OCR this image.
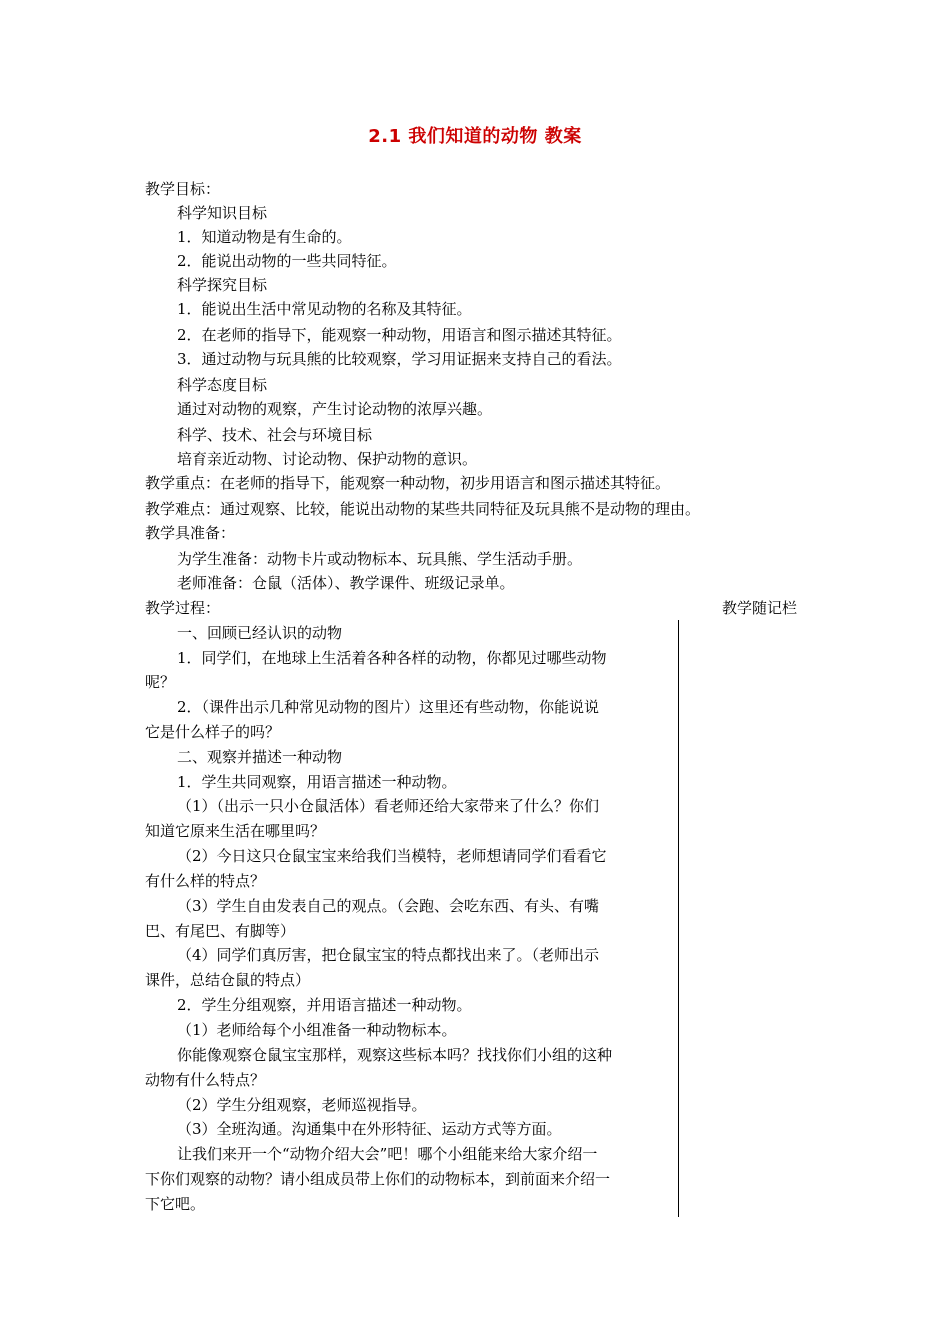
2.1 我们知道的动物 教案
教学目标：
科学知识目标
1．知道动物是有生命的。
2．能说出动物的一些共同特征。
科学探究目标
1．能说出生活中常见动物的名称及其特征。
2．在老师的指导下，能观察一种动物，用语言和图示描述其特征。
3．通过动物与玩具熊的比较观察，学习用证据来支持自己的看法。
科学态度目标
通过对动物的观察，产生讨论动物的浓厚兴趣。
科学、技术、社会与环境目标
培育亲近动物、讨论动物、保护动物的意识。
教学重点：在老师的指导下，能观察一种动物，初步用语言和图示描述其特征。
教学难点：通过观察、比较，能说出动物的某些共同特征及玩具熊不是动物的理由。
教学具准备：
为学生准备：动物卡片或动物标本、玩具熊、学生活动手册。
老师准备：仓鼠（活体）、教学课件、班级记录单。
教学过程：	教学随记栏
一、回顾已经认识的动物
1．同学们，在地球上生活着各种各样的动物，你都见过哪些动物
呢？
2．（课件出示几种常见动物的图片）这里还有些动物，你能说说
它是什么样子的吗？
二、观察并描述一种动物
1．学生共同观察，用语言描述一种动物。
（1）（出示一只小仓鼠活体）看老师还给大家带来了什么？你们
知道它原来生活在哪里吗？
（2）今日这只仓鼠宝宝来给我们当模特，老师想请同学们看看它
有什么样的特点？
（3）学生自由发表自己的观点。（会跑、会吃东西、有头、有嘴
巴、有尾巴、有脚等）
（4）同学们真厉害，把仓鼠宝宝的特点都找出来了。（老师出示
课件，总结仓鼠的特点）
2．学生分组观察，并用语言描述一种动物。
（1）老师给每个小组准备一种动物标本。
你能像观察仓鼠宝宝那样，观察这些标本吗？找找你们小组的这种
动物有什么特点？
（2）学生分组观察，老师巡视指导。
（3）全班沟通。沟通集中在外形特征、运动方式等方面。
让我们来开一个“动物介绍大会”吧！哪个小组能来给大家介绍一
下你们观察的动物？请小组成员带上你们的动物标本，到前面来介绍一
下它吧。
